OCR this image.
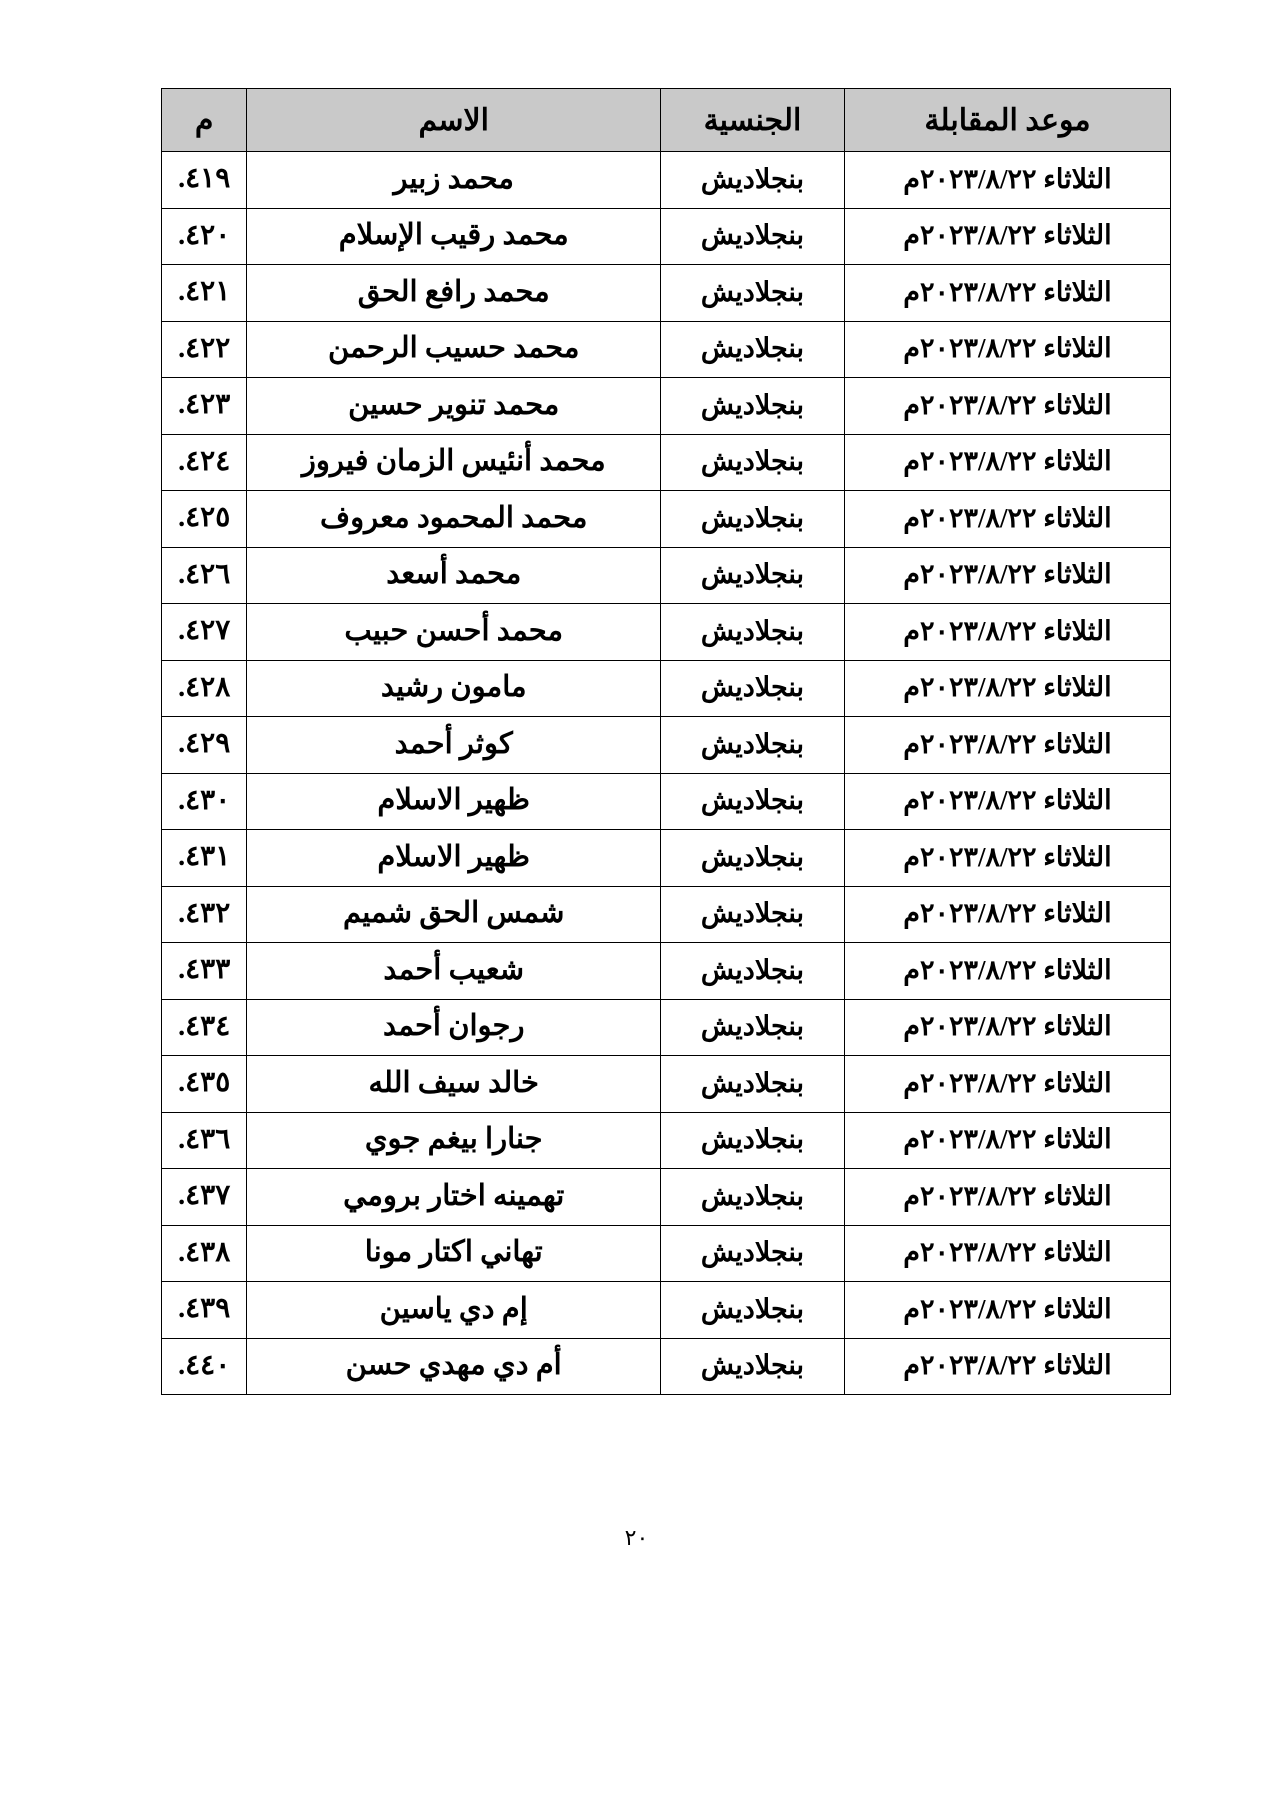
موعد المقابلة	الجنسية	الاسم	م
الثلاثاء ٢٠٢٣/٨/٢٢م	بنجلاديش	محمد زبير	٤١٩.
الثلاثاء ٢٠٢٣/٨/٢٢م	بنجلاديش	محمد رقيب الإسلام	٤٢٠.
الثلاثاء ٢٠٢٣/٨/٢٢م	بنجلاديش	محمد رافع الحق	٤٢١.
الثلاثاء ٢٠٢٣/٨/٢٢م	بنجلاديش	محمد حسيب الرحمن	٤٢٢.
الثلاثاء ٢٠٢٣/٨/٢٢م	بنجلاديش	محمد تنوير حسين	٤٢٣.
الثلاثاء ٢٠٢٣/٨/٢٢م	بنجلاديش	محمد أنئيس الزمان فيروز	٤٢٤.
الثلاثاء ٢٠٢٣/٨/٢٢م	بنجلاديش	محمد المحمود معروف	٤٢٥.
الثلاثاء ٢٠٢٣/٨/٢٢م	بنجلاديش	محمد أسعد	٤٢٦.
الثلاثاء ٢٠٢٣/٨/٢٢م	بنجلاديش	محمد أحسن حبيب	٤٢٧.
الثلاثاء ٢٠٢٣/٨/٢٢م	بنجلاديش	مامون رشيد	٤٢٨.
الثلاثاء ٢٠٢٣/٨/٢٢م	بنجلاديش	كوثر أحمد	٤٢٩.
الثلاثاء ٢٠٢٣/٨/٢٢م	بنجلاديش	ظهير الاسلام	٤٣٠.
الثلاثاء ٢٠٢٣/٨/٢٢م	بنجلاديش	ظهير الاسلام	٤٣١.
الثلاثاء ٢٠٢٣/٨/٢٢م	بنجلاديش	شمس الحق شميم	٤٣٢.
الثلاثاء ٢٠٢٣/٨/٢٢م	بنجلاديش	شعيب أحمد	٤٣٣.
الثلاثاء ٢٠٢٣/٨/٢٢م	بنجلاديش	رجوان أحمد	٤٣٤.
الثلاثاء ٢٠٢٣/٨/٢٢م	بنجلاديش	خالد سيف الله	٤٣٥.
الثلاثاء ٢٠٢٣/٨/٢٢م	بنجلاديش	جنارا بيغم جوي	٤٣٦.
الثلاثاء ٢٠٢٣/٨/٢٢م	بنجلاديش	تهمينه اختار برومي	٤٣٧.
الثلاثاء ٢٠٢٣/٨/٢٢م	بنجلاديش	تهاني اكتار مونا	٤٣٨.
الثلاثاء ٢٠٢٣/٨/٢٢م	بنجلاديش	إم دي ياسين	٤٣٩.
الثلاثاء ٢٠٢٣/٨/٢٢م	بنجلاديش	أم دي مهدي حسن	٤٤٠.
٢٠
